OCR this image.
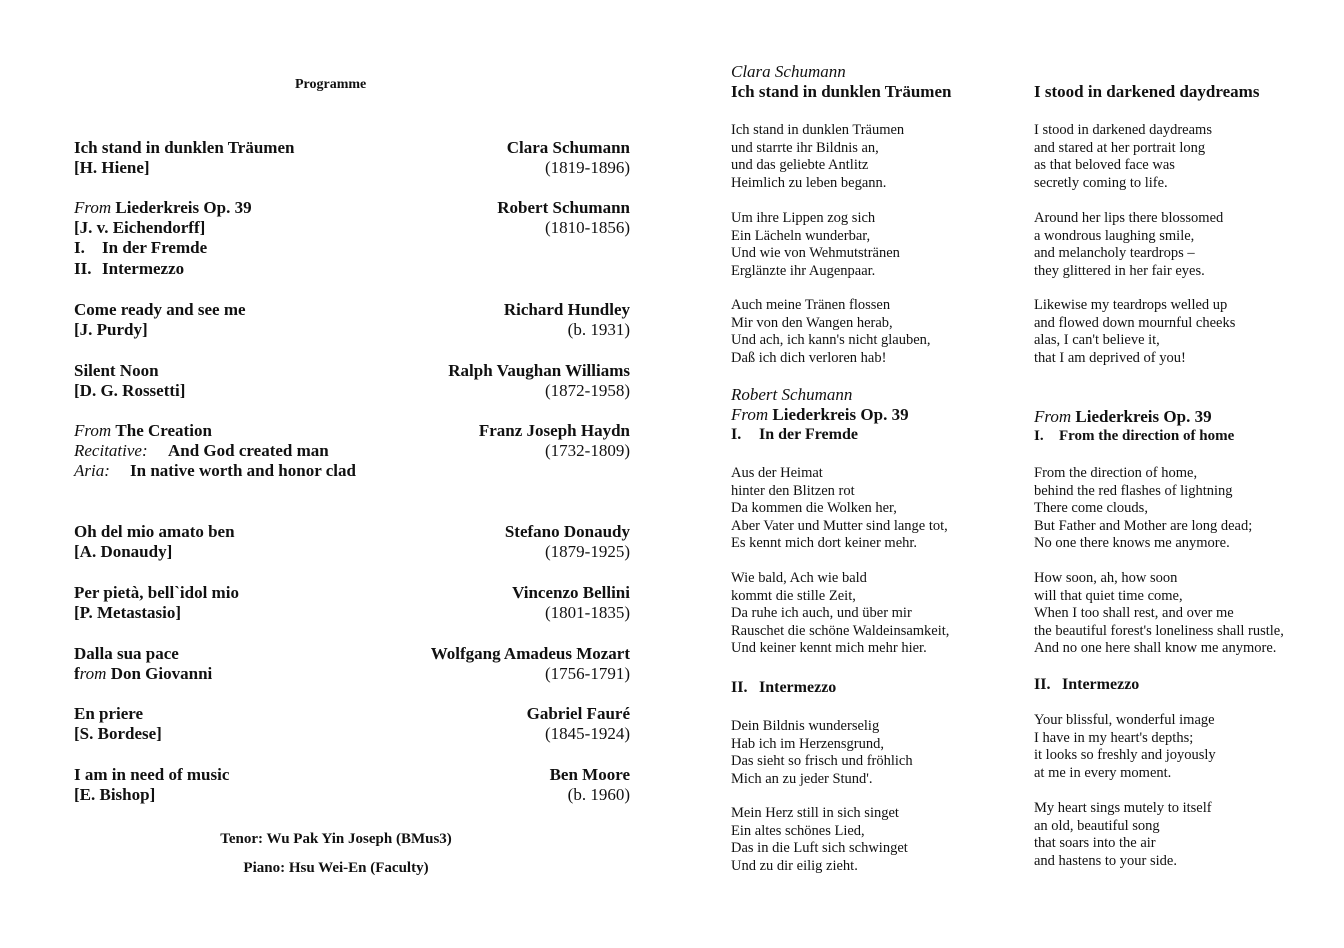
Programme
Ich stand in dunklen Träumen
[H. Hiene]
Clara Schumann
(1819-1896)
From Liederkreis Op. 39
[J. v. Eichendorff]
I. In der Fremde
II. Intermezzo
Robert Schumann
(1810-1856)
Come ready and see me
[J. Purdy]
Richard Hundley
(b. 1931)
Silent Noon
[D. G. Rossetti]
Ralph Vaughan Williams
(1872-1958)
From The Creation
Recitative: And God created man
Aria: In native worth and honor clad
Franz Joseph Haydn
(1732-1809)
Oh del mio amato ben
[A. Donaudy]
Stefano Donaudy
(1879-1925)
Per pietà, bell`idol mio
[P. Metastasio]
Vincenzo Bellini
(1801-1835)
Dalla sua pace
from Don Giovanni
Wolfgang Amadeus Mozart
(1756-1791)
En priere
[S. Bordese]
Gabriel Fauré
(1845-1924)
I am in need of music
[E. Bishop]
Ben Moore
(b. 1960)
Tenor: Wu Pak Yin Joseph (BMus3)
Piano: Hsu Wei-En (Faculty)
Clara Schumann
Ich stand in dunklen Träumen	I stood in darkened daydreams
Ich stand in dunklen Träumen
und starrte ihr Bildnis an,
und das geliebte Antlitz
Heimlich zu leben begann.
Um ihre Lippen zog sich
Ein Lächeln wunderbar,
Und wie von Wehmutstränen
Erglänzte ihr Augenpaar.
Auch meine Tränen flossen
Mir von den Wangen herab,
Und ach, ich kann's nicht glauben,
Daß ich dich verloren hab!
I stood in darkened daydreams
and stared at her portrait long
as that beloved face was
secretly coming to life.
Around her lips there blossomed
a wondrous laughing smile,
and melancholy teardrops –
they glittered in her fair eyes.
Likewise my teardrops welled up
and flowed down mournful cheeks
alas, I can't believe it,
that I am deprived of you!
Robert Schumann
From Liederkreis Op. 39
I. In der Fremde
From Liederkreis Op. 39
I. From the direction of home
Aus der Heimat
hinter den Blitzen rot
Da kommen die Wolken her,
Aber Vater und Mutter sind lange tot,
Es kennt mich dort keiner mehr.
Wie bald, Ach wie bald
kommt die stille Zeit,
Da ruhe ich auch, und über mir
Rauschet die schöne Waldeinsamkeit,
Und keiner kennt mich mehr hier.
From the direction of home,
behind the red flashes of lightning
There come clouds,
But Father and Mother are long dead;
No one there knows me anymore.
How soon, ah, how soon
will that quiet time come,
When I too shall rest, and over me
the beautiful forest's loneliness shall rustle,
And no one here shall know me anymore.
II. Intermezzo	II. Intermezzo
Dein Bildnis wunderselig
Hab ich im Herzensgrund,
Das sieht so frisch und fröhlich
Mich an zu jeder Stund'.
Mein Herz still in sich singet
Ein altes schönes Lied,
Das in die Luft sich schwinget
Und zu dir eilig zieht.
Your blissful, wonderful image
I have in my heart's depths;
it looks so freshly and joyously
at me in every moment.
My heart sings mutely to itself
an old, beautiful song
that soars into the air
and hastens to your side.
